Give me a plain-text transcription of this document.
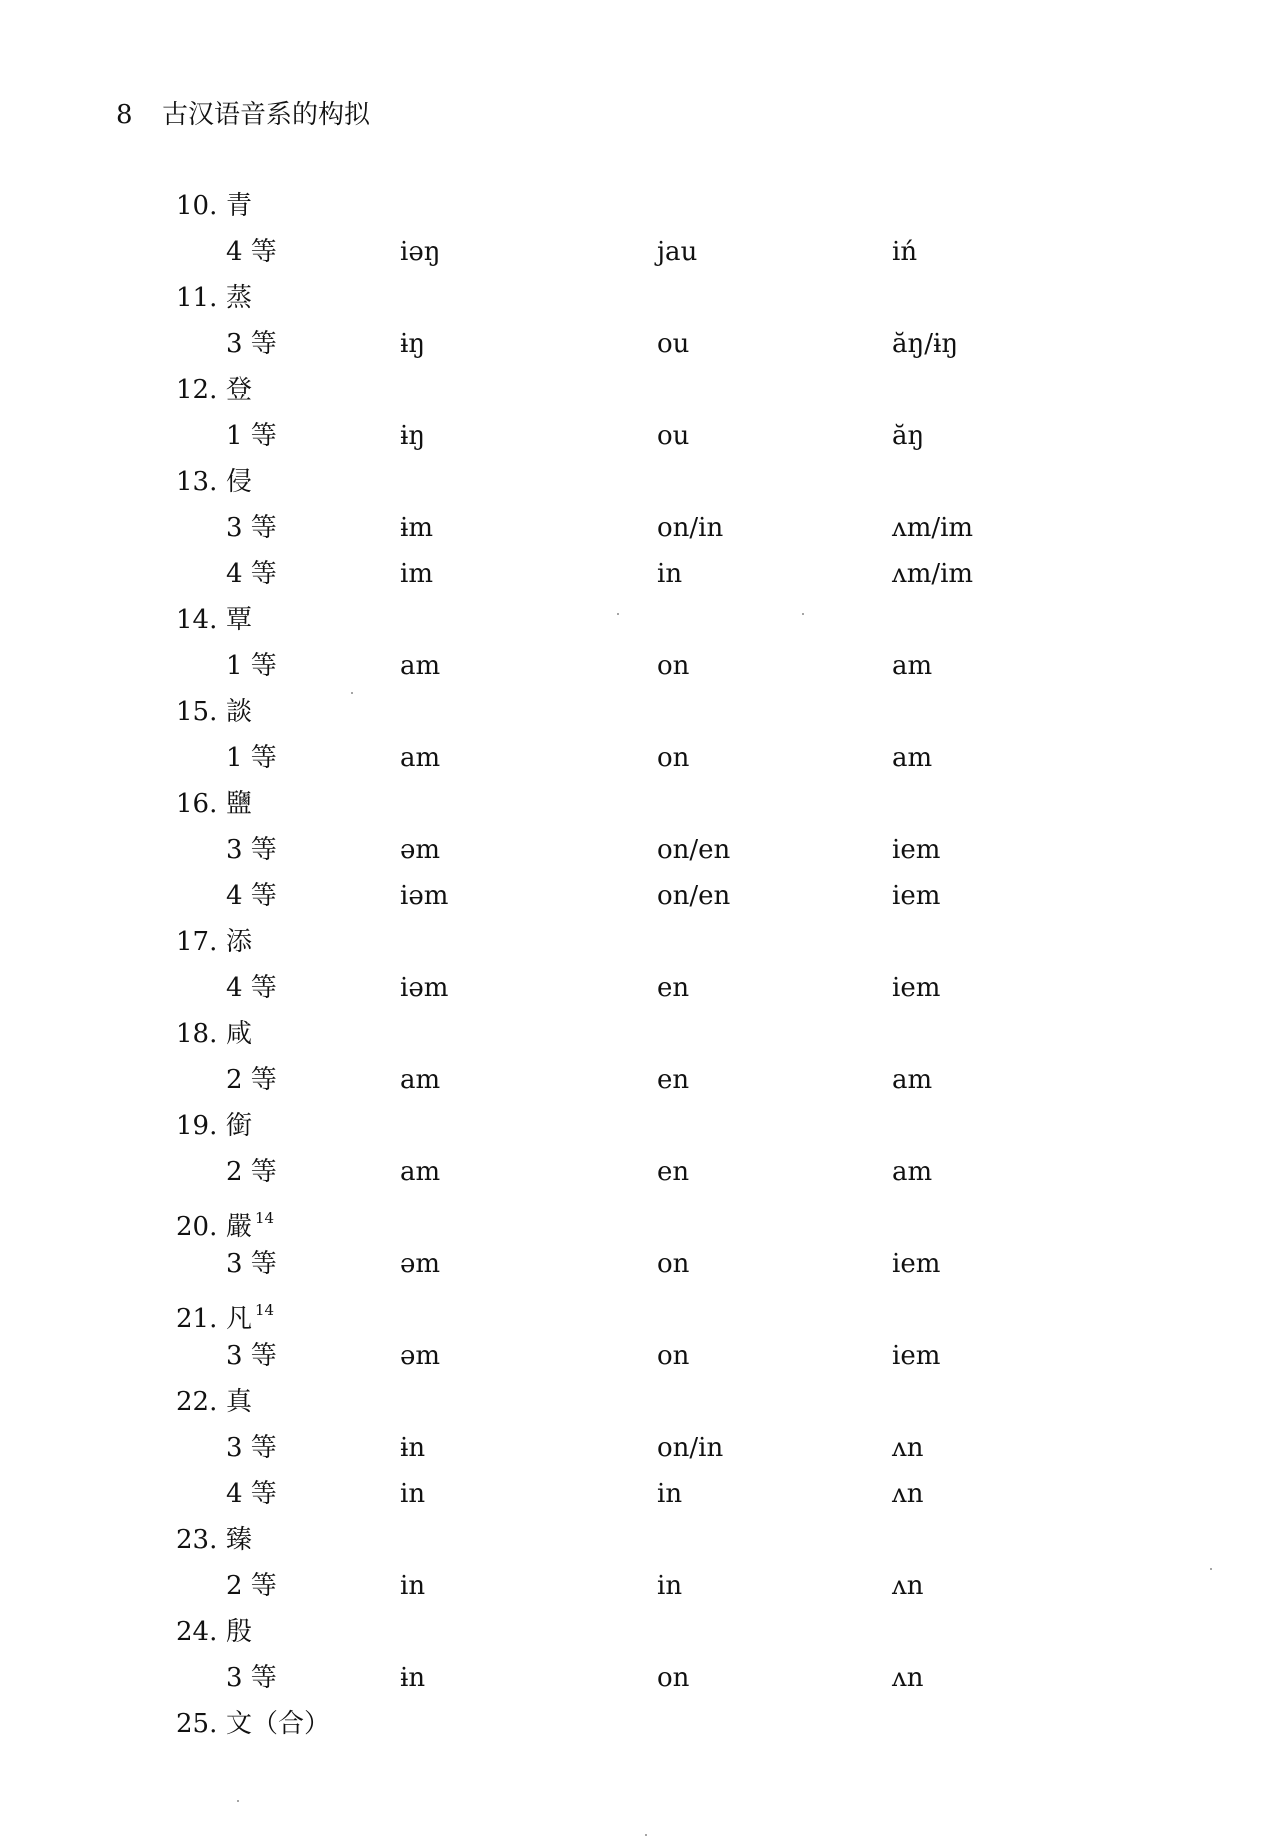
8 古汉语音系的构拟
10. 青
4 等	iəŋ	jau	iń
11. 蒸
3 等	ɨŋ	ou	ăŋ/ɨŋ
12. 登
1 等	ɨŋ	ou	ăŋ
13. 侵
3 等	ɨm	on/in	ʌm/im
4 等	im	in	ʌm/im
14. 覃
1 等	am	on	am
15. 談
1 等	am	on	am
16. 鹽
3 等	əm	on/en	iem
4 等	iəm	on/en	iem
17. 添
4 等	iəm	en	iem
18. 咸
2 等	am	en	am
19. 銜
2 等	am	en	am
20. 嚴 $^{14}$
3 等	əm	on	iem
21. 凡 $^{14}$
3 等	əm	on	iem
22. 真
3 等	ɨn	on/in	ʌn
4 等	in	in	ʌn
23. 臻
2 等	in	in	ʌn
24. 殷
3 等	ɨn	on	ʌn
25. 文（合）
